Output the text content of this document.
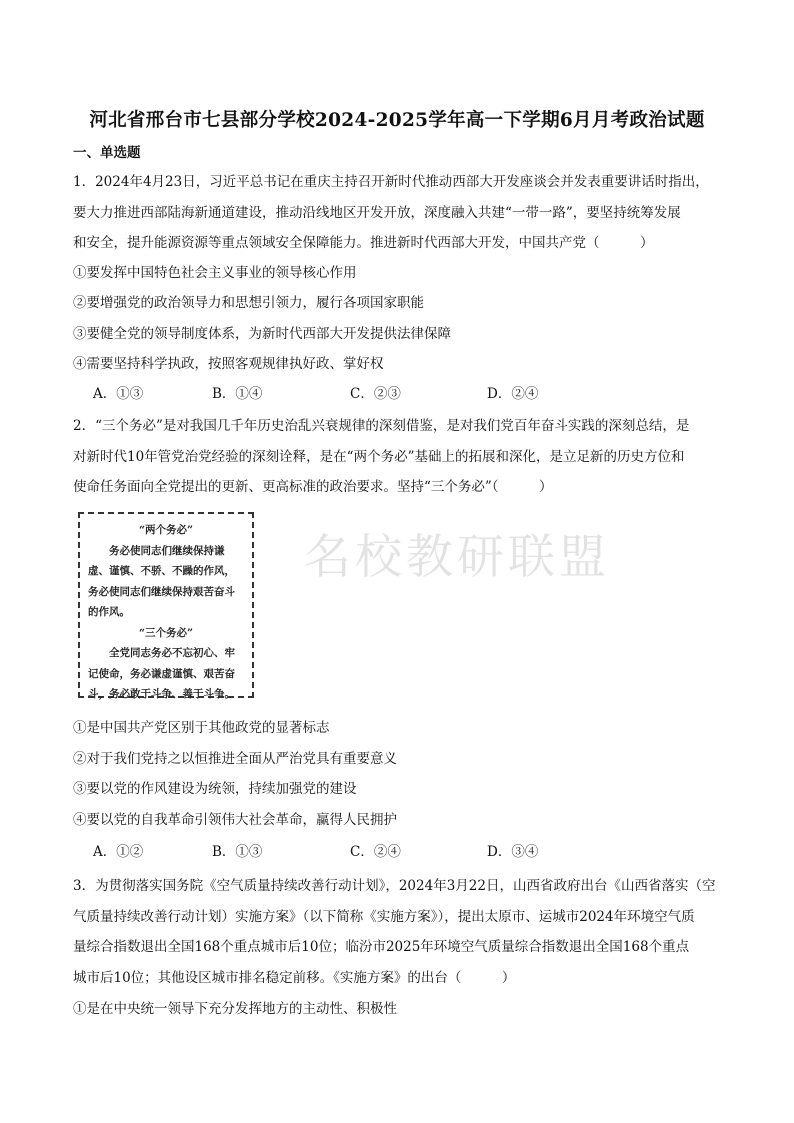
名校教研联盟
河北省邢台市七县部分学校2024-2025学年高一下学期6月月考政治试题
一、单选题
1．2024年4月23日，习近平总书记在重庆主持召开新时代推动西部大开发座谈会并发表重要讲话时指出，
要大力推进西部陆海新通道建设，推动沿线地区开发开放，深度融入共建“一带一路”，要坚持统筹发展
和安全，提升能源资源等重点领域安全保障能力。推进新时代西部大开发，中国共产党（　　　）
①要发挥中国特色社会主义事业的领导核心作用
②要增强党的政治领导力和思想引领力，履行各项国家职能
③要健全党的领导制度体系，为新时代西部大开发提供法律保障
④需要坚持科学执政，按照客观规律执好政、掌好权
A．①③	B．①④	C．②③	D．②④
2．“三个务必”是对我国几千年历史治乱兴衰规律的深刻借鉴，是对我们党百年奋斗实践的深刻总结，是
对新时代10年管党治党经验的深刻诠释，是在“两个务必”基础上的拓展和深化，是立足新的历史方位和
使命任务面向全党提出的更新、更高标准的政治要求。坚持“三个务必”（　　　）
“两个务必”

务必使同志们继续保持谦虚、谨慎、不骄、不躁的作风，务必使同志们继续保持艰苦奋斗的作风。

“三个务必”

全党同志务必不忘初心、牢记使命，务必谦虚谨慎、艰苦奋斗，务必敢于斗争、善于斗争。

①是中国共产党区别于其他政党的显著标志
②对于我们党持之以恒推进全面从严治党具有重要意义
③要以党的作风建设为统领，持续加强党的建设
④要以党的自我革命引领伟大社会革命，赢得人民拥护
A．①②	B．①③	C．②④	D．③④
3．为贯彻落实国务院《空气质量持续改善行动计划》，2024年3月22日，山西省政府出台《山西省落实（空
气质量持续改善行动计划）实施方案》（以下简称《实施方案》），提出太原市、运城市2024年环境空气质
量综合指数退出全国168个重点城市后10位；临汾市2025年环境空气质量综合指数退出全国168个重点
城市后10位；其他设区城市排名稳定前移。《实施方案》的出台（　　　）
①是在中央统一领导下充分发挥地方的主动性、积极性
